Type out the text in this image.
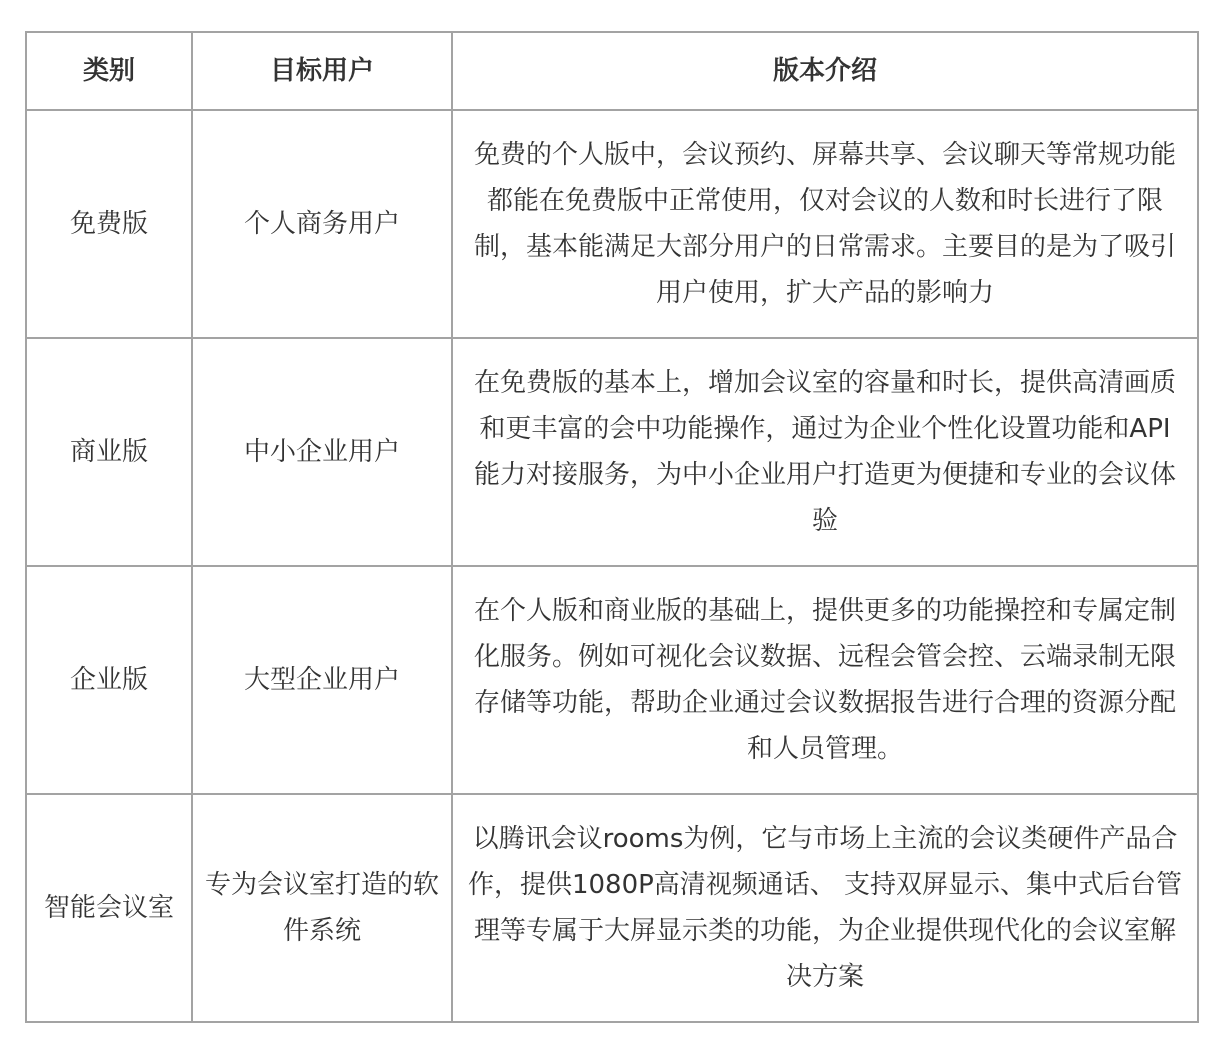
类别	目标用户	版本介绍
免费版	个人商务用户	免费的个人版中，会议预约、屏幕共享、会议聊天等常规功能都能在免费版中正常使用，仅对会议的人数和时长进行了限制，基本能满足大部分用户的日常需求。主要目的是为了吸引用户使用，扩大产品的影响力
商业版	中小企业用户	在免费版的基本上，增加会议室的容量和时长，提供高清画质和更丰富的会中功能操作，通过为企业个性化设置功能和API能力对接服务，为中小企业用户打造更为便捷和专业的会议体验
企业版	大型企业用户	在个人版和商业版的基础上，提供更多的功能操控和专属定制化服务。例如可视化会议数据、远程会管会控、云端录制无限存储等功能，帮助企业通过会议数据报告进行合理的资源分配和人员管理。
智能会议室	专为会议室打造的软件系统	以腾讯会议rooms为例，它与市场上主流的会议类硬件产品合作，提供1080P高清视频通话、 支持双屏显示、集中式后台管理等专属于大屏显示类的功能，为企业提供现代化的会议室解决方案
